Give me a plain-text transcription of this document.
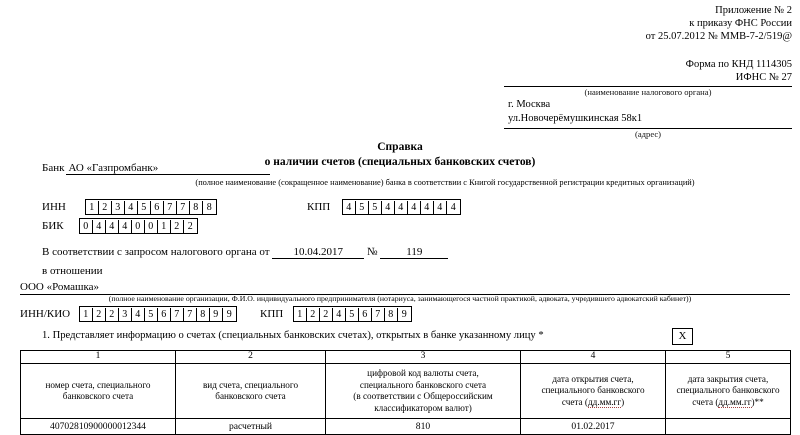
Приложение № 2
к приказу ФНС России
от 25.07.2012 № ММВ-7-2/519@
Форма по КНД 1114305
ИФНС № 27
(наименование налогового органа)
г. Москва
ул.Новочерёмушкинская 58к1
(адрес)
Справка
о наличии счетов (специальных банковских счетов)
Банк АО «Газпромбанк»
(полное наименование (сокращенное наименование) банка в соответствии с Книгой государственной регистрации кредитных организаций)
ИНН 1 2 3 4 5 6 7 7 8 8	КПП 4 5 5 4 4 4 4 4 4
БИК 0 4 4 4 0 0 1 2 2
В соответствии с запросом налогового органа от 10.04.2017 №	119
в отношении
ООО «Ромашка»
(полное наименование организации, Ф.И.О. индивидуального предпринимателя (нотариуса, занимающегося частной практикой, адвоката, учредившего адвокатский кабинет))
ИНН/КИО 1 2 2 3 4 5 6 7 7 8 9 9	КПП 1 2 2 4 5 6 7 8 9
1. Представляет информацию о счетах (специальных банковских счетах), открытых в банке указанному лицу *	X
1	2	3	4	5

номер счета, специального
банковского счета

вид счета, специального
банковского счета

цифровой код валюты счета,
специального банковского счета
(в соответствии с Общероссийским
классификатором валют)

дата открытия счета,
специального банковского
счета (дд.мм.гг)

дата закрытия счета,
специального банковского
счета (дд.мм.гг)**

40702810900000012344	расчетный	810	01.02.2017	
